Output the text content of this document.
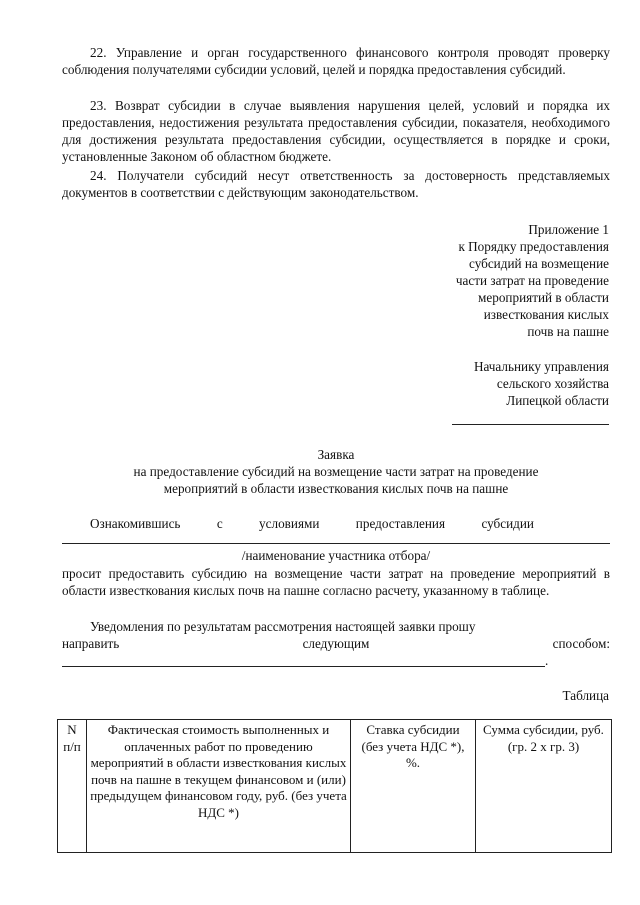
22. Управление и орган государственного финансового контроля проводят проверку соблюдения получателями субсидии условий, целей и порядка предоставления субсидий.
23. Возврат субсидии в случае выявления нарушения целей, условий и порядка их предоставления, недостижения результата предоставления субсидии, показателя, необходимого для достижения результата предоставления субсидии, осуществляется в порядке и сроки, установленные Законом об областном бюджете.
24. Получатели субсидий несут ответственность за достоверность представляемых документов в соответствии с действующим законодательством.
Приложение 1
к Порядку предоставления
субсидий на возмещение
части затрат на проведение
мероприятий в области
известкования кислых
почв на пашне
Начальнику управления
сельского хозяйства
Липецкой области
Заявка
на предоставление субсидий на возмещение части затрат на проведение
мероприятий в области известкования кислых почв на пашне
Ознакомившись	с	условиями	предоставления	субсидии
/наименование участника отбора/
просит предоставить субсидию на возмещение части затрат на проведение мероприятий в области известкования кислых почв на пашне согласно расчету, указанному в таблице.
Уведомления по результатам рассмотрения настоящей заявки прошу
направить	следующим	способом:
.
Таблица
N п/п	Фактическая стоимость выполненных и оплаченных работ по проведению мероприятий в области известкования кислых почв на пашне в текущем финансовом и (или) предыдущем финансовом году, руб. (без учета НДС *)	Ставка субсидии (без учета НДС *), %.	Сумма субсидии, руб. (гр. 2 x гр. 3)
